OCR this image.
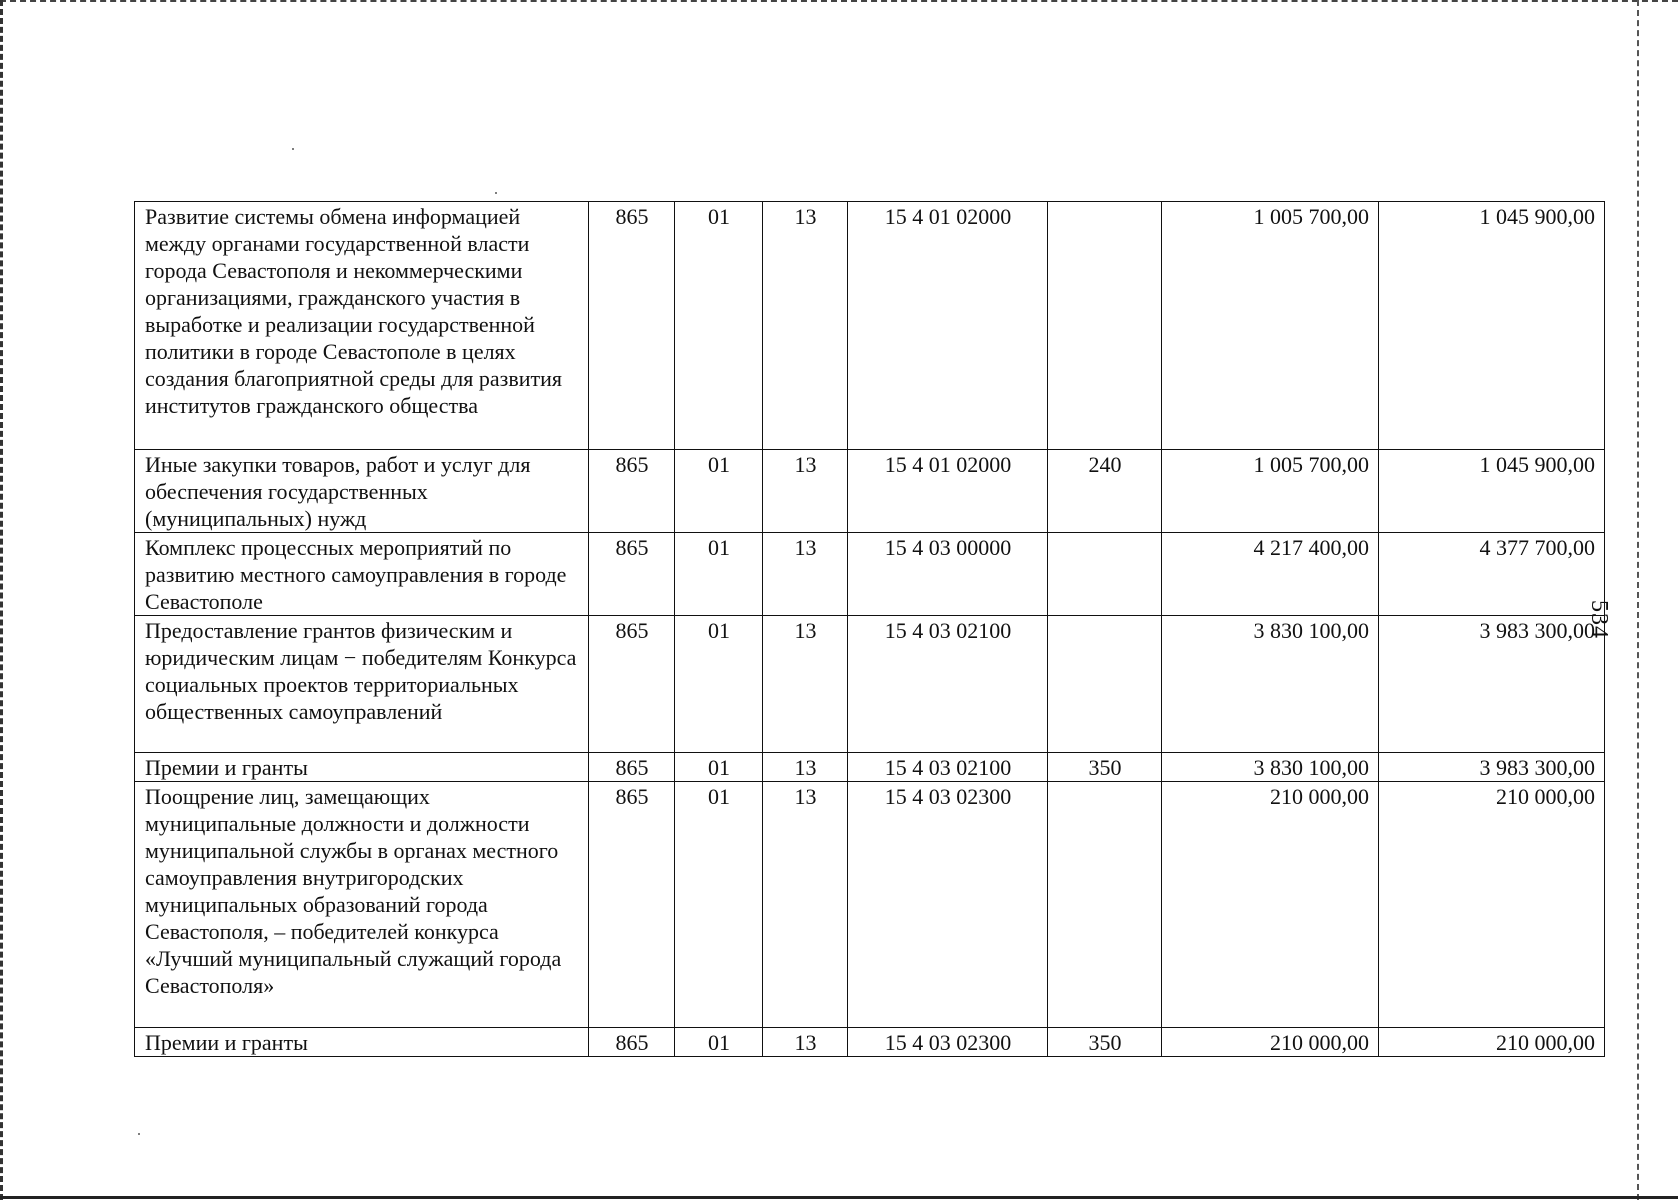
Развитие системы обмена информацией между органами государственной власти города Севастополя и некоммерческими организациями, гражданского участия в выработке и реализации государственной политики в городе Севастополе в целях создания благоприятной среды для развития институтов гражданского общества	865	01	13	15 4 01 02000		1 005 700,00	1 045 900,00
Иные закупки товаров, работ и услуг для обеспечения государственных (муниципальных) нужд	865	01	13	15 4 01 02000	240	1 005 700,00	1 045 900,00
Комплекс процессных мероприятий по развитию местного самоуправления в городе Севастополе	865	01	13	15 4 03 00000		4 217 400,00	4 377 700,00
Предоставление грантов физическим и юридическим лицам − победителям Конкурса социальных проектов территориальных общественных самоуправлений	865	01	13	15 4 03 02100		3 830 100,00	3 983 300,00
Премии и гранты	865	01	13	15 4 03 02100	350	3 830 100,00	3 983 300,00
Поощрение лиц, замещающих муниципальные должности и должности муниципальной службы в органах местного самоуправления внутригородских муниципальных образований города Севастополя, – победителей конкурса «Лучший муниципальный служащий города Севастополя»	865	01	13	15 4 03 02300		210 000,00	210 000,00
Премии и гранты	865	01	13	15 4 03 02300	350	210 000,00	210 000,00
534
